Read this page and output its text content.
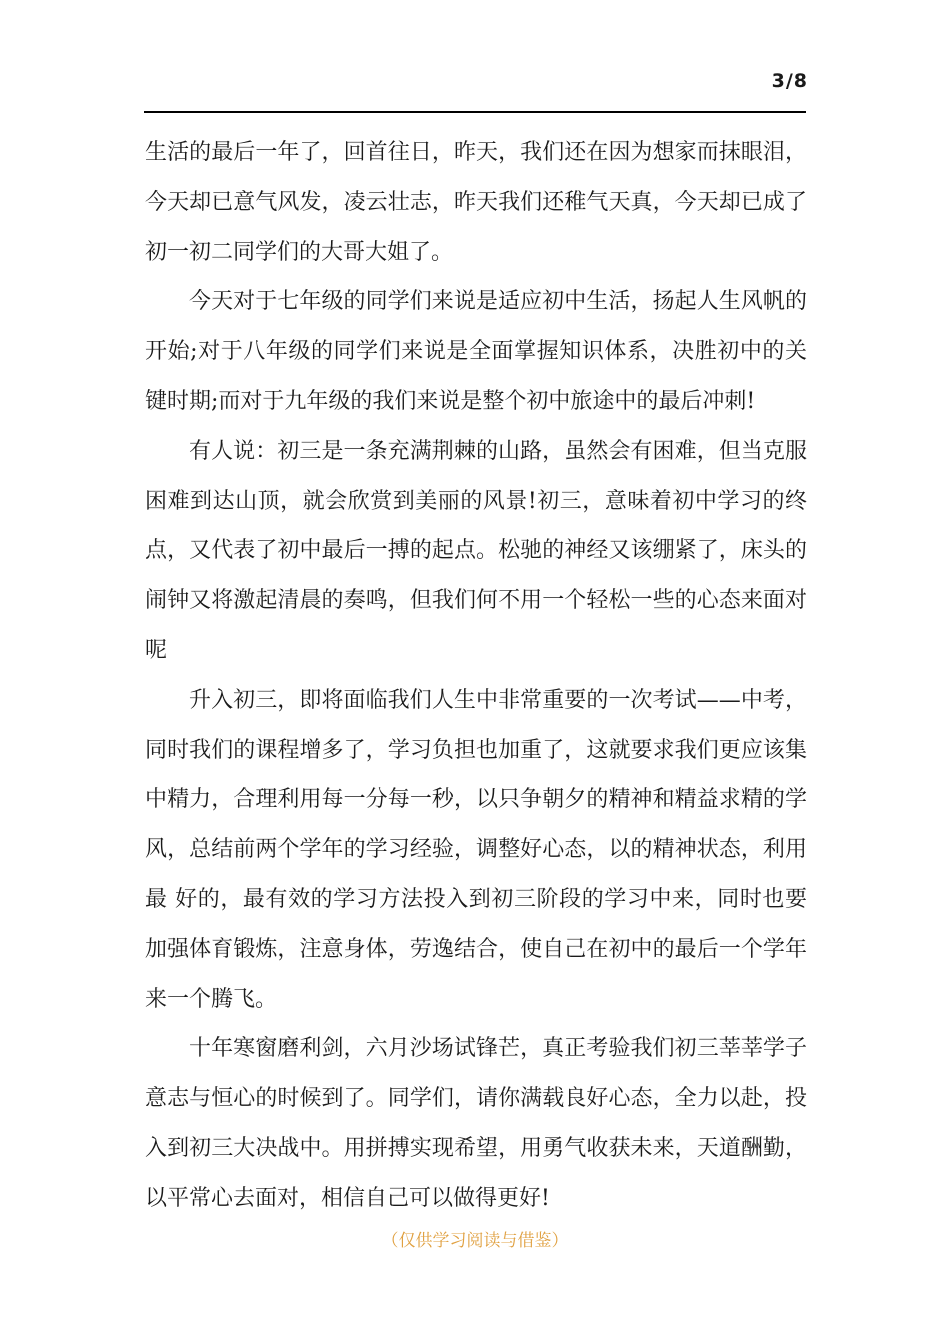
3/8

生活的最后一年了，回首往日，昨天，我们还在因为想家而抹眼泪，今天却已意气风发，凌云壮志，昨天我们还稚气天真，今天却已成了初一初二同学们的大哥大姐了。

今天对于七年级的同学们来说是适应初中生活，扬起人生风帆的开始;对于八年级的同学们来说是全面掌握知识体系，决胜初中的关键时期;而对于九年级的我们来说是整个初中旅途中的最后冲刺!

有人说：初三是一条充满荆棘的山路，虽然会有困难，但当克服困难到达山顶，就会欣赏到美丽的风景!初三，意味着初中学习的终点，又代表了初中最后一搏的起点。松驰的神经又该绷紧了，床头的闹钟又将激起清晨的奏鸣，但我们何不用一个轻松一些的心态来面对呢

升入初三，即将面临我们人生中非常重要的一次考试——中考，同时我们的课程增多了，学习负担也加重了，这就要求我们更应该集中精力，合理利用每一分每一秒，以只争朝夕的精神和精益求精的学风，总结前两个学年的学习经验，调整好心态，以的精神状态，利用最 好的，最有效的学习方法投入到初三阶段的学习中来，同时也要加强体育锻炼，注意身体，劳逸结合，使自己在初中的最后一个学年来一个腾飞。

十年寒窗磨利剑，六月沙场试锋芒，真正考验我们初三莘莘学子意志与恒心的时候到了。同学们，请你满载良好心态，全力以赴，投入到初三大决战中。用拼搏实现希望，用勇气收获未来，天道酬勤，以平常心去面对，相信自己可以做得更好!

（仅供学习阅读与借鉴）
